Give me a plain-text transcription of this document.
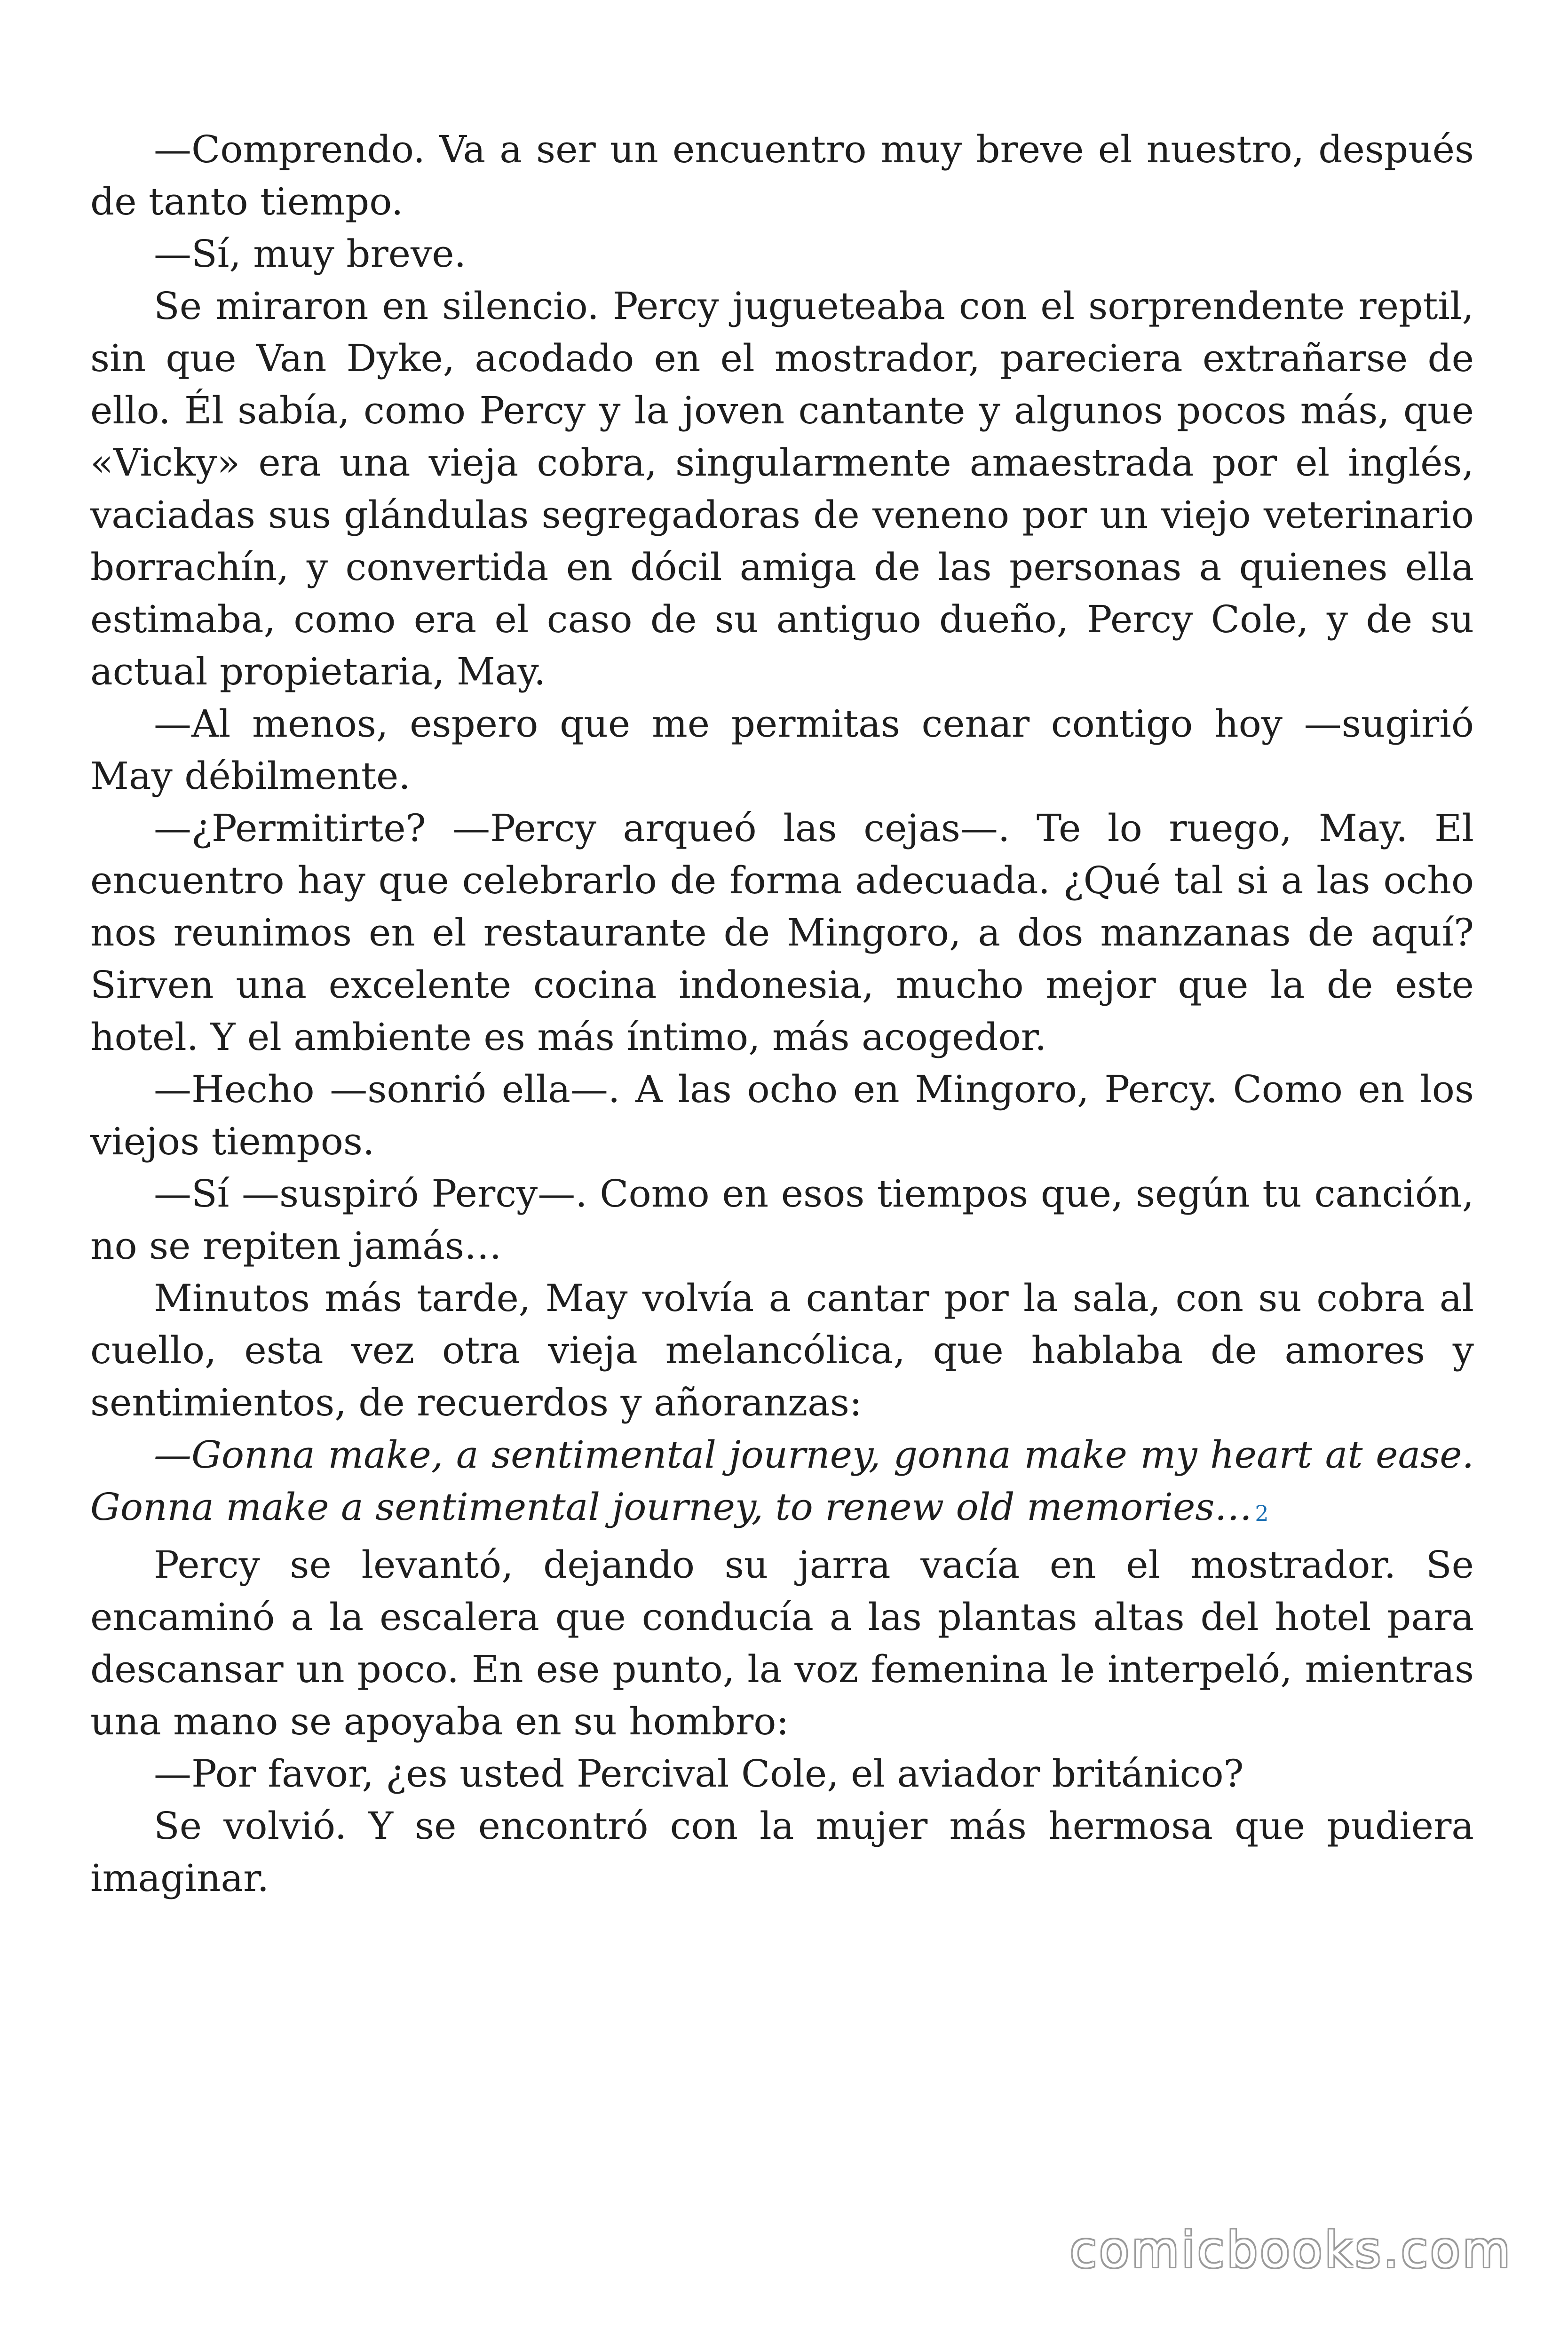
—Comprendo. Va a ser un encuentro muy breve el nuestro, después de tanto tiempo.

—Sí, muy breve.

Se miraron en silencio. Percy jugueteaba con el sorprendente reptil, sin que Van Dyke, acodado en el mostrador, pareciera extrañarse de ello. Él sabía, como Percy y la joven cantante y algunos pocos más, que «Vicky» era una vieja cobra, singularmente amaestrada por el inglés, vaciadas sus glándulas segregadoras de veneno por un viejo veterinario borrachín, y convertida en dócil amiga de las personas a quienes ella estimaba, como era el caso de su antiguo dueño, Percy Cole, y de su actual propietaria, May.

—Al menos, espero que me permitas cenar contigo hoy —sugirió May débilmente.

—¿Permitirte? —Percy arqueó las cejas—. Te lo ruego, May. El encuentro hay que celebrarlo de forma adecuada. ¿Qué tal si a las ocho nos reunimos en el restaurante de Mingoro, a dos manzanas de aquí? Sirven una excelente cocina indonesia, mucho mejor que la de este hotel. Y el ambiente es más íntimo, más acogedor.

—Hecho —sonrió ella—. A las ocho en Mingoro, Percy. Como en los viejos tiempos.

—Sí —suspiró Percy—. Como en esos tiempos que, según tu canción, no se repiten jamás…

Minutos más tarde, May volvía a cantar por la sala, con su cobra al cuello, esta vez otra vieja melancólica, que hablaba de amores y sentimientos, de recuerdos y añoranzas:

—Gonna make, a sentimental journey, gonna make my heart at ease. Gonna make a sentimental journey, to renew old memories… 2

Percy se levantó, dejando su jarra vacía en el mostrador. Se encaminó a la escalera que conducía a las plantas altas del hotel para descansar un poco. En ese punto, la voz femenina le interpeló, mientras una mano se apoyaba en su hombro:

—Por favor, ¿es usted Percival Cole, el aviador británico?

Se volvió. Y se encontró con la mujer más hermosa que pudiera imaginar.

comicbooks.com
